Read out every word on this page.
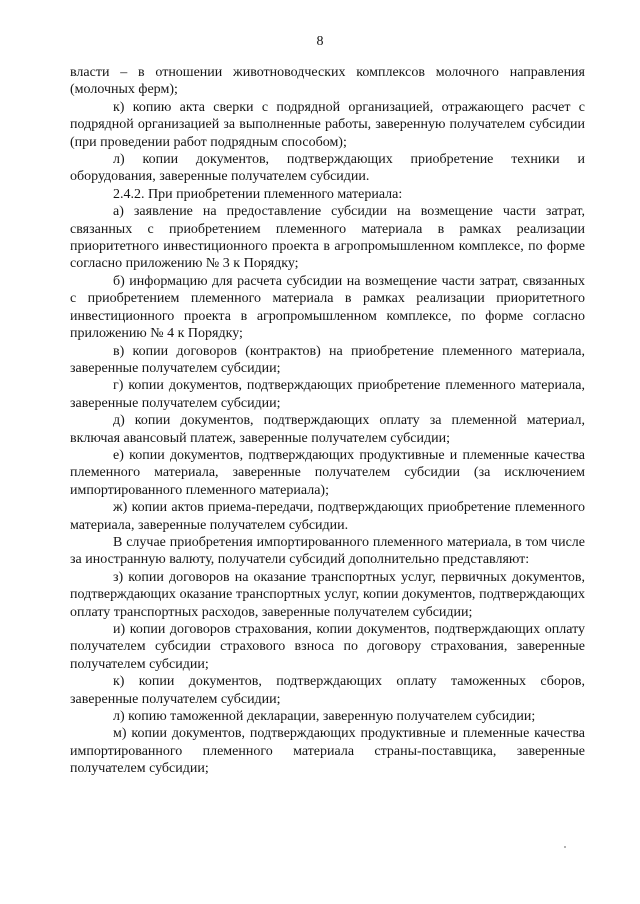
8

власти – в отношении животноводческих комплексов молочного направления (молочных ферм);

к) копию акта сверки с подрядной организацией, отражающего расчет с подрядной организацией за выполненные работы, заверенную получателем субсидии (при проведении работ подрядным способом);

л) копии документов, подтверждающих приобретение техники и оборудования, заверенные получателем субсидии.

2.4.2. При приобретении племенного материала:

а) заявление на предоставление субсидии на возмещение части затрат, связанных с приобретением племенного материала в рамках реализации приоритетного инвестиционного проекта в агропромышленном комплексе, по форме согласно приложению № 3 к Порядку;

б) информацию для расчета субсидии на возмещение части затрат, связанных с приобретением племенного материала в рамках реализации приоритетного инвестиционного проекта в агропромышленном комплексе, по форме согласно приложению № 4 к Порядку;

в) копии договоров (контрактов) на приобретение племенного материала, заверенные получателем субсидии;

г) копии документов, подтверждающих приобретение племенного материала, заверенные получателем субсидии;

д) копии документов, подтверждающих оплату за племенной материал, включая авансовый платеж, заверенные получателем субсидии;

е) копии документов, подтверждающих продуктивные и племенные качества племенного материала, заверенные получателем субсидии (за исключением импортированного племенного материала);

ж) копии актов приема-передачи, подтверждающих приобретение племенного материала, заверенные получателем субсидии.

В случае приобретения импортированного племенного материала, в том числе за иностранную валюту, получатели субсидий дополнительно представляют:

з) копии договоров на оказание транспортных услуг, первичных документов, подтверждающих оказание транспортных услуг, копии документов, подтверждающих оплату транспортных расходов, заверенные получателем субсидии;

и) копии договоров страхования, копии документов, подтверждающих оплату получателем субсидии страхового взноса по договору страхования, заверенные получателем субсидии;

к) копии документов, подтверждающих оплату таможенных сборов, заверенные получателем субсидии;

л) копию таможенной декларации, заверенную получателем субсидии;

м) копии документов, подтверждающих продуктивные и племенные качества импортированного племенного материала страны-поставщика, заверенные получателем субсидии;
